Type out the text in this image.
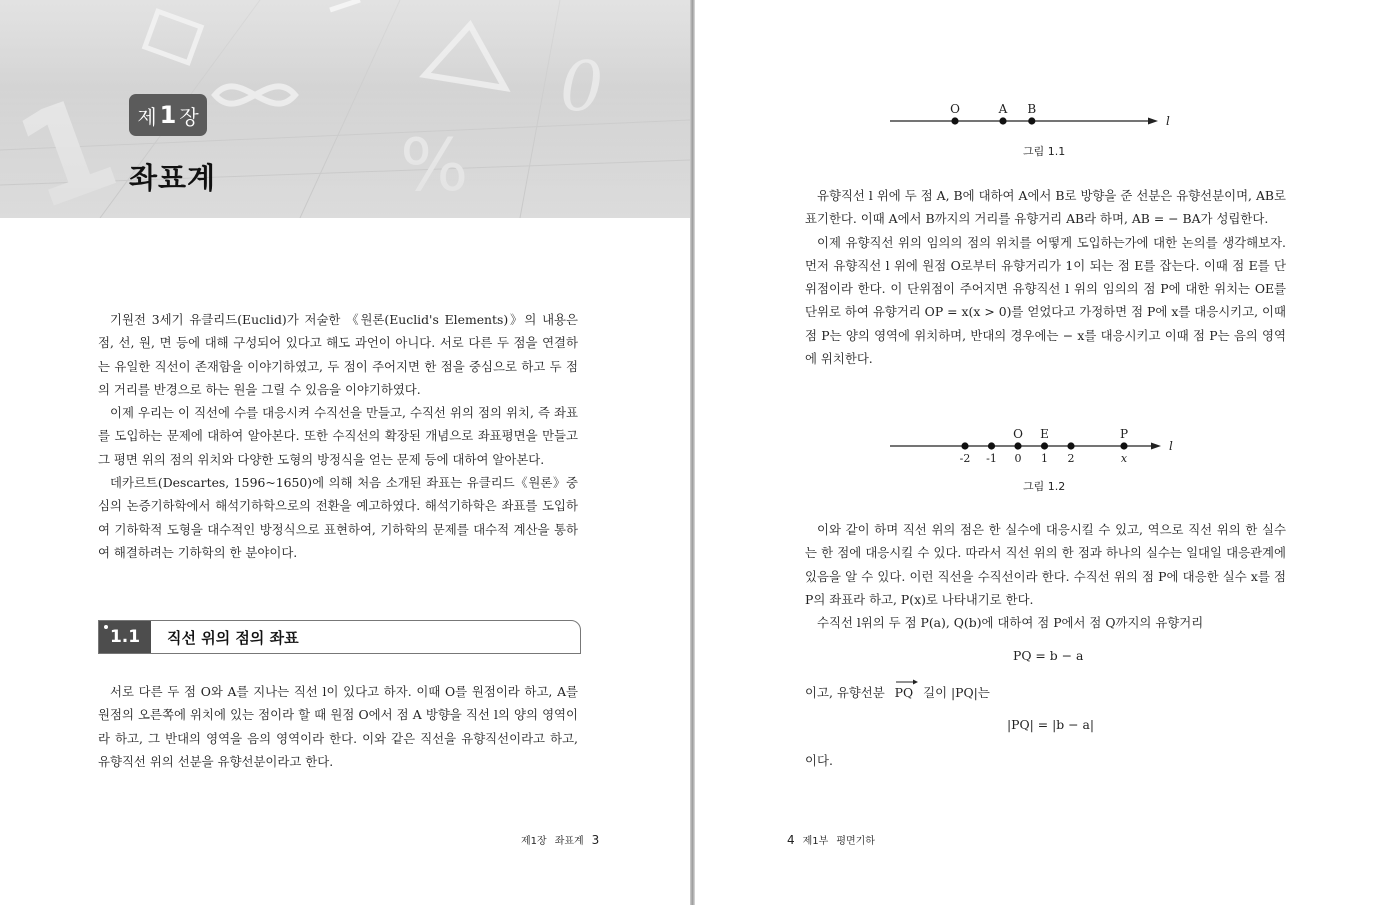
제 1 장
좌표계

기원전 3세기 유클리드(Euclid)가 저술한 《원론(Euclid's Elements)》의 내용은 점, 선, 원, 면 등에 대해 구성되어 있다고 해도 과언이 아니다. 서로 다른 두 점을 연결하는 유일한 직선이 존재함을 이야기하였고, 두 점이 주어지면 한 점을 중심으로 하고 두 점의 거리를 반경으로 하는 원을 그릴 수 있음을 이야기하였다.

이제 우리는 이 직선에 수를 대응시켜 수직선을 만들고, 수직선 위의 점의 위치, 즉 좌표를 도입하는 문제에 대하여 알아본다. 또한 수직선의 확장된 개념으로 좌표평면을 만들고 그 평면 위의 점의 위치와 다양한 도형의 방정식을 얻는 문제 등에 대하여 알아본다.

데카르트(Descartes, 1596~1650)에 의해 처음 소개된 좌표는 유클리드《원론》중심의 논증기하학에서 해석기하학으로의 전환을 예고하였다. 해석기하학은 좌표를 도입하여 기하학적 도형을 대수적인 방정식으로 표현하여, 기하학의 문제를 대수적 계산을 통하여 해결하려는 기하학의 한 분야이다.

1.1 직선 위의 점의 좌표

서로 다른 두 점 O와 A를 지나는 직선 l이 있다고 하자. 이때 O를 원점이라 하고, A를 원점의 오른쪽에 위치에 있는 점이라 할 때 원점 O에서 점 A 방향을 직선 l의 양의 영역이라 하고, 그 반대의 영역을 음의 영역이라 한다. 이와 같은 직선을 유향직선이라고 하고, 유향직선 위의 선분을 유향선분이라고 한다.

제1장 좌표계 3
O	A B
l
그림 1.1

유향직선 l 위에 두 점 A, B에 대하여 A에서 B로 방향을 준 선분은 유향선분이며, AB로 표기한다. 이때 A에서 B까지의 거리를 유향거리 AB라 하며, AB = − BA가 성립한다.

이제 유향직선 위의 임의의 점의 위치를 어떻게 도입하는가에 대한 논의를 생각해보자. 먼저 유향직선 l 위에 원점 O로부터 유향거리가 1이 되는 점 E를 잡는다. 이때 점 E를 단위점이라 한다. 이 단위점이 주어지면 유향직선 l 위의 임의의 점 P에 대한 위치는 OE를 단위로 하여 유향거리 OP = x(x > 0)를 얻었다고 가정하면 점 P에 x를 대응시키고, 이때 점 P는 양의 영역에 위치하며, 반대의 경우에는 − x를 대응시키고 이때 점 P는 음의 영역에 위치한다.

-2 -1 0
O
1
E
2	x
P
l
그림 1.2

이와 같이 하며 직선 위의 점은 한 실수에 대응시킬 수 있고, 역으로 직선 위의 한 실수는 한 점에 대응시킬 수 있다. 따라서 직선 위의 한 점과 하나의 실수는 일대일 대응관계에 있음을 알 수 있다. 이런 직선을 수직선이라 한다. 수직선 위의 점 P에 대응한 실수 x를 점 P의 좌표라 하고, P(x)로 나타내기로 한다.

수직선 l위의 두 점 P(a), Q(b)에 대하여 점 P에서 점 Q까지의 유향거리

PQ = b − a
이고, 유향선분 PQ 길이 |PQ|는
|PQ| = |b − a|
이다.
4 제1부 평면기하
